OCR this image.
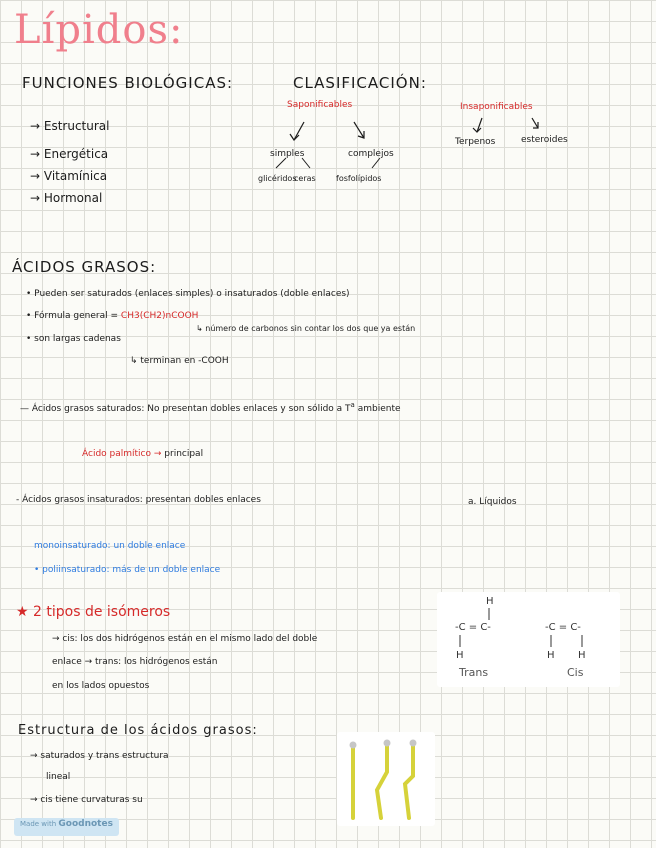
Lípidos:
FUNCIONES BIOLÓGICAS:
→ Estructural
→ Energética
→ Vitamínica
→ Hormonal
CLASIFICACIÓN:
Saponificables
simples	complejos
glicéridos
ceras	fosfolípidos
Insaponificables
Terpenos	esteroides
ÁCIDOS GRASOS:
• Pueden ser saturados (enlaces simples) o insaturados (doble enlaces)
• Fórmula general = CH3(CH2)nCOOH
↳ número de carbonos sin contar los dos que ya están
• son largas cadenas
↳ terminan en -COOH
— Ácidos grasos saturados: No presentan dobles enlaces y son sólido a $T^a$ ambiente
Ácido palmítico → principal
- Ácidos grasos insaturados: presentan dobles enlaces	a. Líquidos
monoinsaturado: un doble enlace
• poliinsaturado: más de un doble enlace
★ 2 tipos de isómeros
→ cis: los dos hidrógenos están en el mismo lado del doble
enlace → trans: los hidrógenos están
en los lados opuestos
H
-C = C-
H
Trans
-C = C-
H H
Cis
Estructura de los ácidos grasos:
→ saturados y trans estructura
lineal
→ cis tiene curvaturas su
Made with Goodnotes
